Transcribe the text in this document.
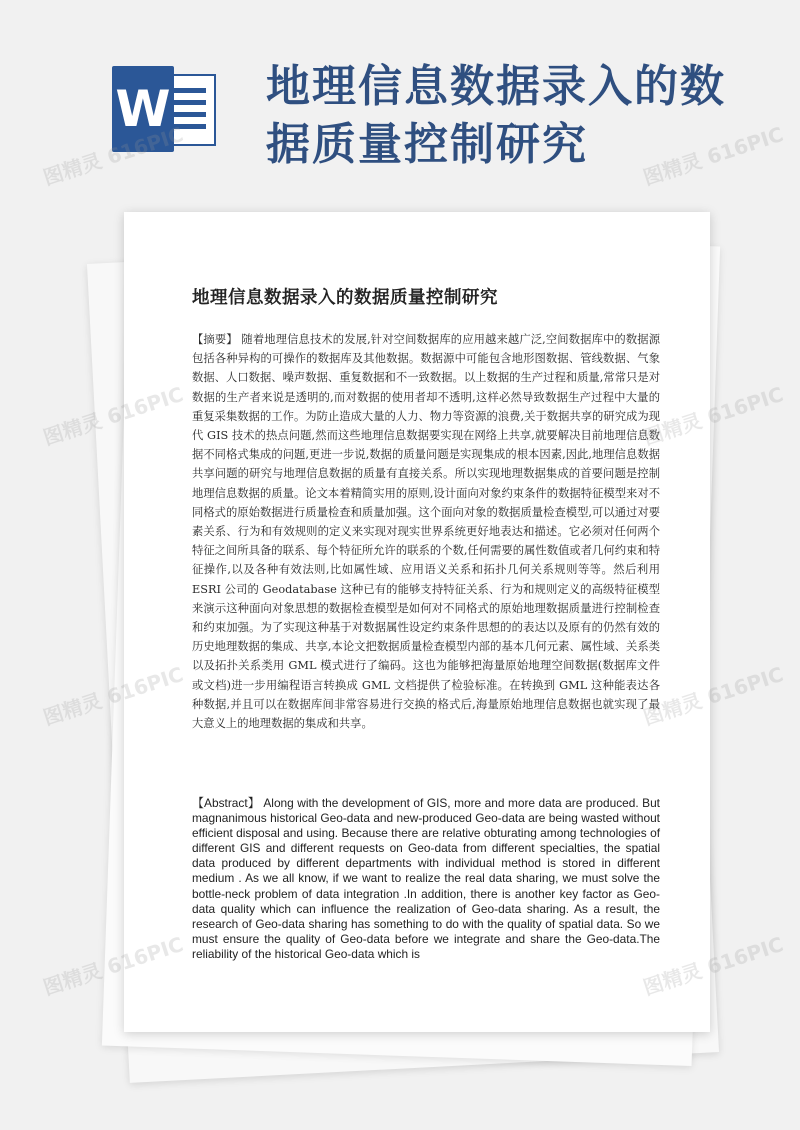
W 地理信息数据录入的数据质量控制研究
地理信息数据录入的数据质量控制研究

【摘要】 随着地理信息技术的发展,针对空间数据库的应用越来越广泛,空间数据库中的数据源包括各种异构的可操作的数据库及其他数据。数据源中可能包含地形图数据、管线数据、气象数据、人口数据、噪声数据、重复数据和不一致数据。以上数据的生产过程和质量,常常只是对数据的生产者来说是透明的,而对数据的使用者却不透明,这样必然导致数据生产过程中大量的重复采集数据的工作。为防止造成大量的人力、物力等资源的浪费,关于数据共享的研究成为现代 GIS 技术的热点问题,然而这些地理信息数据要实现在网络上共享,就要解决目前地理信息数据不同格式集成的问题,更进一步说,数据的质量问题是实现集成的根本因素,因此,地理信息数据共享问题的研究与地理信息数据的质量有直接关系。所以实现地理数据集成的首要问题是控制地理信息数据的质量。论文本着精简实用的原则,设计面向对象约束条件的数据特征模型来对不同格式的原始数据进行质量检查和质量加强。这个面向对象的数据质量检查模型,可以通过对要素关系、行为和有效规则的定义来实现对现实世界系统更好地表达和描述。它必须对任何两个特征之间所具备的联系、每个特征所允许的联系的个数,任何需要的属性数值或者几何约束和特征操作,以及各种有效法则,比如属性域、应用语义关系和拓扑几何关系规则等等。然后利用 ESRI 公司的 Geodatabase 这种已有的能够支持特征关系、行为和规则定义的高级特征模型来演示这种面向对象思想的数据检查模型是如何对不同格式的原始地理数据质量进行控制检查和约束加强。为了实现这种基于对数据属性设定约束条件思想的的表达以及原有的仍然有效的历史地理数据的集成、共享,本论文把数据质量检查模型内部的基本几何元素、属性域、关系类以及拓扑关系类用 GML 模式进行了编码。这也为能够把海量原始地理空间数据(数据库文件或文档)进一步用编程语言转换成 GML 文档提供了检验标准。在转换到 GML 这种能表达各种数据,并且可以在数据库间非常容易进行交换的格式后,海量原始地理信息数据也就实现了最大意义上的地理数据的集成和共享。

【Abstract】 Along with the development of GIS, more and more data are produced. But magnanimous historical Geo-data and new-produced Geo-data are being wasted without efficient disposal and using. Because there are relative obturating among technologies of different GIS and different requests on Geo-data from different specialties, the spatial data produced by different departments with individual method is stored in different medium . As we all know, if we want to realize the real data sharing, we must solve the bottle-neck problem of data integration .In addition, there is another key factor as Geo-data quality which can influence the realization of Geo-data sharing. As a result, the research of Geo-data sharing has something to do with the quality of spatial data. So we must ensure the quality of Geo-data before we integrate and share the Geo-data.The reliability of the historical Geo-data which is

图精灵 616PIC	图精灵 616PIC
图精灵 616PIC	图精灵 616PIC
图精灵 616PIC	图精灵 616PIC
图精灵 616PIC	图精灵 616PIC
